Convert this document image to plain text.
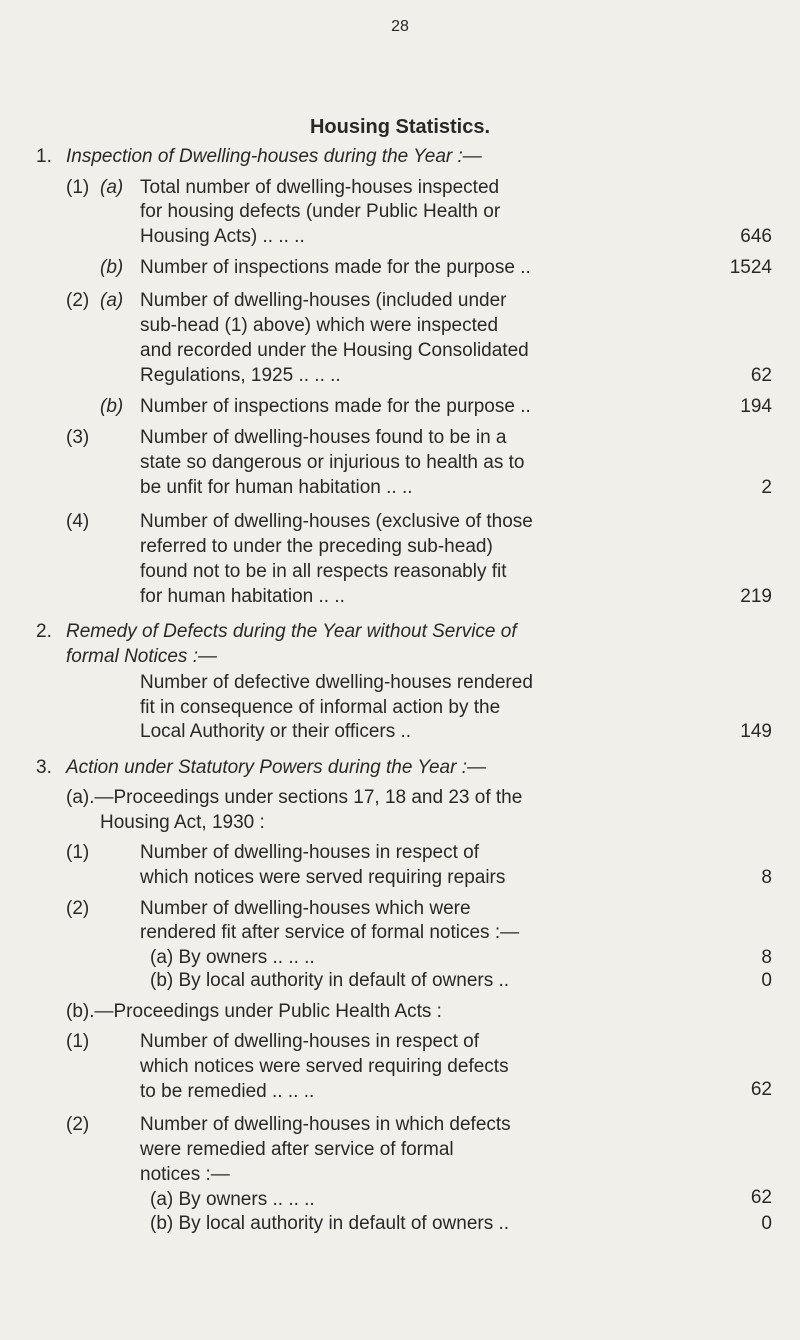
28
Housing Statistics.
1. Inspection of Dwelling-houses during the Year :—
(1) (a) Total number of dwelling-houses inspected
for housing defects (under Public Health or
Housing Acts) .. .. ..	646
(b) Number of inspections made for the purpose ..	1524
(2) (a) Number of dwelling-houses (included under
sub-head (1) above) which were inspected
and recorded under the Housing Consolidated
Regulations, 1925 .. .. ..	62
(b) Number of inspections made for the purpose ..	194
(3)	Number of dwelling-houses found to be in a
state so dangerous or injurious to health as to
be unfit for human habitation .. ..	2
(4)	Number of dwelling-houses (exclusive of those
referred to under the preceding sub-head)
found not to be in all respects reasonably fit
for human habitation .. ..	219
2. Remedy of Defects during the Year without Service of
formal Notices :—
Number of defective dwelling-houses rendered
fit in consequence of informal action by the
Local Authority or their officers ..	149
3. Action under Statutory Powers during the Year :—
(a).—Proceedings under sections 17, 18 and 23 of the
Housing Act, 1930 :
(1)	Number of dwelling-houses in respect of
which notices were served requiring repairs	8
(2)	Number of dwelling-houses which were
rendered fit after service of formal notices :—
(a) By owners .. .. ..	8
(b) By local authority in default of owners ..	0
(b).—Proceedings under Public Health Acts :
(1)	Number of dwelling-houses in respect of
which notices were served requiring defects
to be remedied .. .. ..	62
(2)	Number of dwelling-houses in which defects
were remedied after service of formal
notices :—
(a) By owners .. .. ..	62
(b) By local authority in default of owners ..	0
